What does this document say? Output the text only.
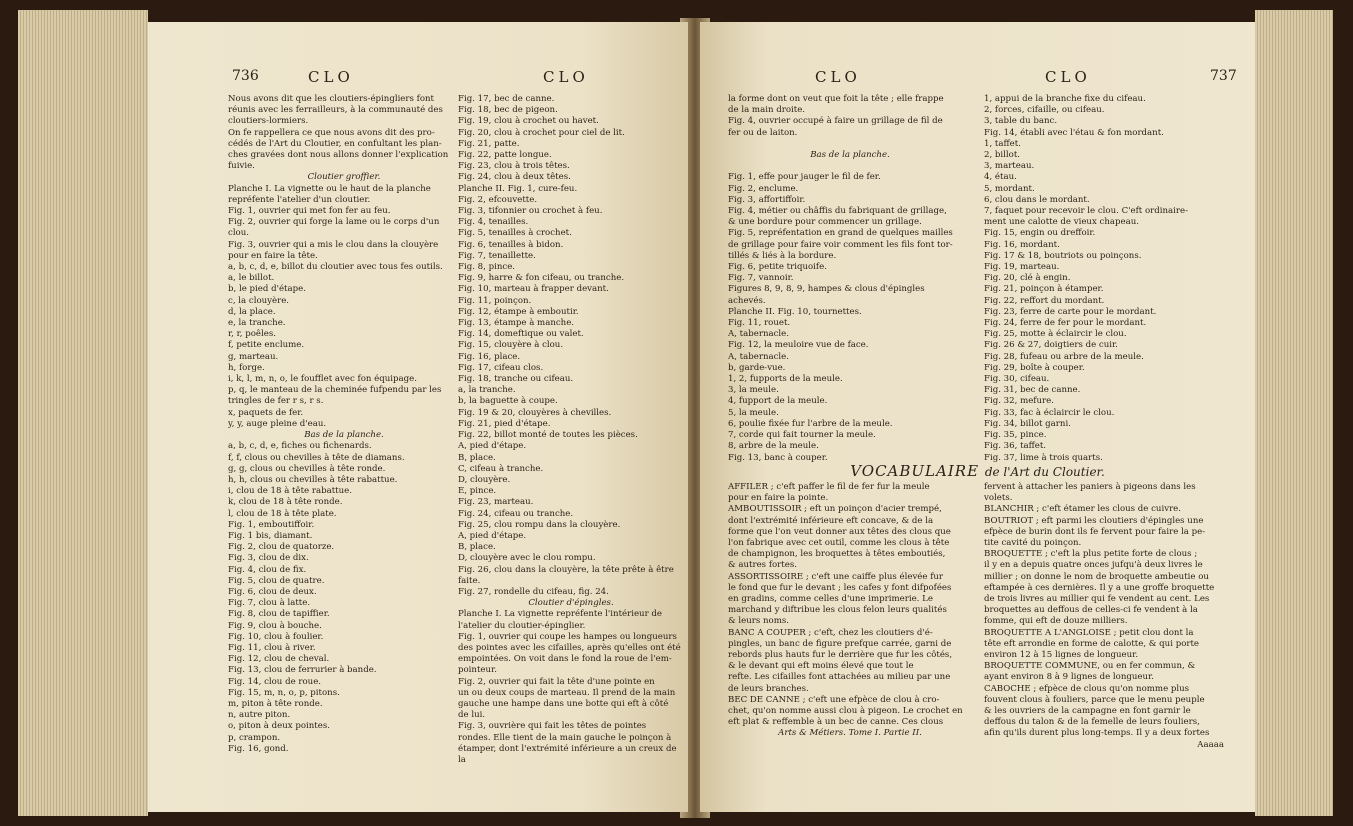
736	CLO	CLO
Nous avons dit que les cloutiers-épingliers font
réunis avec les ferrailleurs, à la communauté des
cloutiers-lormiers.
On fe rappellera ce que nous avons dit des pro-
cédés de l'Art du Cloutier, en confultant les plan-
ches gravées dont nous allons donner l'explication
fuivie.
Cloutier groffier.
Planche I. La vignette ou le haut de la planche
repréfente l'atelier d'un cloutier.
Fig. 1, ouvrier qui met fon fer au feu.
Fig. 2, ouvrier qui forge la lame ou le corps d'un
clou.
Fig. 3, ouvrier qui a mis le clou dans la clouyère
pour en faire la tête.
a, b, c, d, e, billot du cloutier avec tous fes outils.
a, le billot.
b, le pied d'étape.
c, la clouyère.
d, la place.
e, la tranche.
r, r, poêles.
f, petite enclume.
g, marteau.
h, forge.
i, k, l, m, n, o, le foufflet avec fon équipage.
p, q, le manteau de la cheminée fufpendu par les
tringles de fer r s, r s.
x, paquets de fer.
y, y, auge pleine d'eau.
Bas de la planche.
a, b, c, d, e, fiches ou fichenards.
f, f, clous ou chevilles à tête de diamans.
g, g, clous ou chevilles à tête ronde.
h, h, clous ou chevilles à tête rabattue.
i, clou de 18 à tête rabattue.
k, clou de 18 à tête ronde.
l, clou de 18 à tête plate.
Fig. 1, emboutiffoir.
Fig. 1 bis, diamant.
Fig. 2, clou de quatorze.
Fig. 3, clou de dix.
Fig. 4, clou de fix.
Fig. 5, clou de quatre.
Fig. 6, clou de deux.
Fig. 7, clou à latte.
Fig. 8, clou de tapiffier.
Fig. 9, clou à bouche.
Fig. 10, clou à foulier.
Fig. 11, clou à river.
Fig. 12, clou de cheval.
Fig. 13, clou de ferrurier à bande.
Fig. 14, clou de roue.
Fig. 15, m, n, o, p, pitons.
m, piton à tête ronde.
n, autre piton.
o, piton à deux pointes.
p, crampon.
Fig. 16, gond.
Fig. 17, bec de canne.
Fig. 18, bec de pigeon.
Fig. 19, clou à crochet ou havet.
Fig. 20, clou à crochet pour ciel de lit.
Fig. 21, patte.
Fig. 22, patte longue.
Fig. 23, clou à trois têtes.
Fig. 24, clou à deux têtes.
Planche II. Fig. 1, cure-feu.
Fig. 2, efcouvette.
Fig. 3, tifonnier ou crochet à feu.
Fig. 4, tenailles.
Fig. 5, tenailles à crochet.
Fig. 6, tenailles à bidon.
Fig. 7, tenaillette.
Fig. 8, pince.
Fig. 9, harre & fon cifeau, ou tranche.
Fig. 10, marteau à frapper devant.
Fig. 11, poinçon.
Fig. 12, étampe à emboutir.
Fig. 13, étampe à manche.
Fig. 14, domeftique ou valet.
Fig. 15, clouyère à clou.
Fig. 16, place.
Fig. 17, cifeau clos.
Fig. 18, tranche ou cifeau.
a, la tranche.
b, la baguette à coupe.
Fig. 19 & 20, clouyères à chevilles.
Fig. 21, pied d'étape.
Fig. 22, billot monté de toutes les pièces.
A, pied d'étape.
B, place.
C, cifeau à tranche.
D, clouyère.
E, pince.
Fig. 23, marteau.
Fig. 24, cifeau ou tranche.
Fig. 25, clou rompu dans la clouyère.
A, pied d'étape.
B, place.
D, clouyère avec le clou rompu.
Fig. 26, clou dans la clouyère, la tête prête à être
faite.
Fig. 27, rondelle du cifeau, fig. 24.
Cloutier d'épingles.
Planche I. La vignette repréfente l'intérieur de
l'atelier du cloutier-épinglier.
Fig. 1, ouvrier qui coupe les hampes ou longueurs
des pointes avec les cifailles, après qu'elles ont été
empointées. On voit dans le fond la roue de l'em-
pointeur.
Fig. 2, ouvrier qui fait la tête d'une pointe en
un ou deux coups de marteau. Il prend de la main
gauche une hampe dans une botte qui eft à côté
de lui.
Fig. 3, ouvrière qui fait les têtes de pointes
rondes. Elle tient de la main gauche le poinçon à
étamper, dont l'extrémité inférieure a un creux de
la
CLO	CLO	737
la forme dont on veut que foit la tête ; elle frappe
de la main droite.
Fig. 4, ouvrier occupé à faire un grillage de fil de
fer ou de laiton.

Bas de la planche.

Fig. 1, effe pour jauger le fil de fer.
Fig. 2, enclume.
Fig. 3, affortiffoir.
Fig. 4, métier ou châffis du fabriquant de grillage,
& une bordure pour commencer un grillage.
Fig. 5, repréfentation en grand de quelques mailles
de grillage pour faire voir comment les fils font tor-
tillés & liés à la bordure.
Fig. 6, petite triquoife.
Fig. 7, vannoir.
Figures 8, 9, 8, 9, hampes & clous d'épingles
achevés.
Planche II. Fig. 10, tournettes.
Fig. 11, rouet.
A, tabernacle.
Fig. 12, la meuloire vue de face.
A, tabernacle.
b, garde-vue.
1, 2, fupports de la meule.
3, la meule.
4, fupport de la meule.
5, la meule.
6, poulie fixée fur l'arbre de la meule.
7, corde qui fait tourner la meule.
8, arbre de la meule.
Fig. 13, banc à couper.
1, appui de la branche fixe du cifeau.
2, forces, cifaille, ou cifeau.
3, table du banc.
Fig. 14, établi avec l'étau & fon mordant.
1, taffet.
2, billot.
3, marteau.
4, étau.
5, mordant.
6, clou dans le mordant.
7, faquet pour recevoir le clou. C'eft ordinaire-
ment une calotte de vieux chapeau.
Fig. 15, engin ou dreffoir.
Fig. 16, mordant.
Fig. 17 & 18, boutriots ou poinçons.
Fig. 19, marteau.
Fig. 20, clé à engin.
Fig. 21, poinçon à étamper.
Fig. 22, reffort du mordant.
Fig. 23, ferre de carte pour le mordant.
Fig. 24, ferre de fer pour le mordant.
Fig. 25, motte à éclaircir le clou.
Fig. 26 & 27, doigtiers de cuir.
Fig. 28, fufeau ou arbre de la meule.
Fig. 29, boîte à couper.
Fig. 30, cifeau.
Fig. 31, bec de canne.
Fig. 32, mefure.
Fig. 33, fac à éclaircir le clou.
Fig. 34, billot garni.
Fig. 35, pince.
Fig. 36, taffet.
Fig. 37, lime à trois quarts.
VOCABULAIRE de l'Art du Cloutier.
AFFILER ; c'eft paffer le fil de fer fur la meule
pour en faire la pointe.
AMBOUTISSOIR ; eft un poinçon d'acier trempé,
dont l'extrémité inférieure eft concave, & de la
forme que l'on veut donner aux têtes des clous que
l'on fabrique avec cet outil, comme les clous à tête
de champignon, les broquettes à têtes emboutiés,
& autres fortes.
ASSORTISSOIRE ; c'eft une caiffe plus élevée fur
le fond que fur le devant ; les cafes y font difpofées
en gradins, comme celles d'une imprimerie. Le
marchand y diftribue les clous felon leurs qualités
& leurs noms.
BANC A COUPER ; c'eft, chez les cloutiers d'é-
pingles, un banc de figure prefque carrée, garni de
rebords plus hauts fur le derrière que fur les côtés,
& le devant qui eft moins élevé que tout le
refte. Les cifailles font attachées au milieu par une
de leurs branches.
BEC DE CANNE ; c'eft une efpèce de clou à cro-
chet, qu'on nomme aussi clou à pigeon. Le crochet en
eft plat & reffemble à un bec de canne. Ces clous
Arts & Métiers. Tome I. Partie II.
fervent à attacher les paniers à pigeons dans les
volets.
BLANCHIR ; c'eft étamer les clous de cuivre.
BOUTRIOT ; eft parmi les cloutiers d'épingles une
efpèce de burin dont ils fe fervent pour faire la pe-
tite cavité du poinçon.
BROQUETTE ; c'eft la plus petite forte de clous ;
il y en a depuis quatre onces jufqu'à deux livres le
millier ; on donne le nom de broquette ambeutie ou
eftampée à ces dernières. Il y a une groffe broquette
de trois livres au millier qui fe vendent au cent. Les
broquettes au deffous de celles-ci fe vendent à la
fomme, qui eft de douze milliers.
BROQUETTE A L'ANGLOISE ; petit clou dont la
tête eft arrondie en forme de calotte, & qui porte
environ 12 à 15 lignes de longueur.
BROQUETTE COMMUNE, ou en fer commun, &
ayant environ 8 à 9 lignes de longueur.
CABOCHE ; efpèce de clous qu'on nomme plus
fouvent clous à fouliers, parce que le menu peuple
& les ouvriers de la campagne en font garnir le
deffous du talon & de la femelle de leurs fouliers,
afin qu'ils durent plus long-temps. Il y a deux fortes
Aaaaa
